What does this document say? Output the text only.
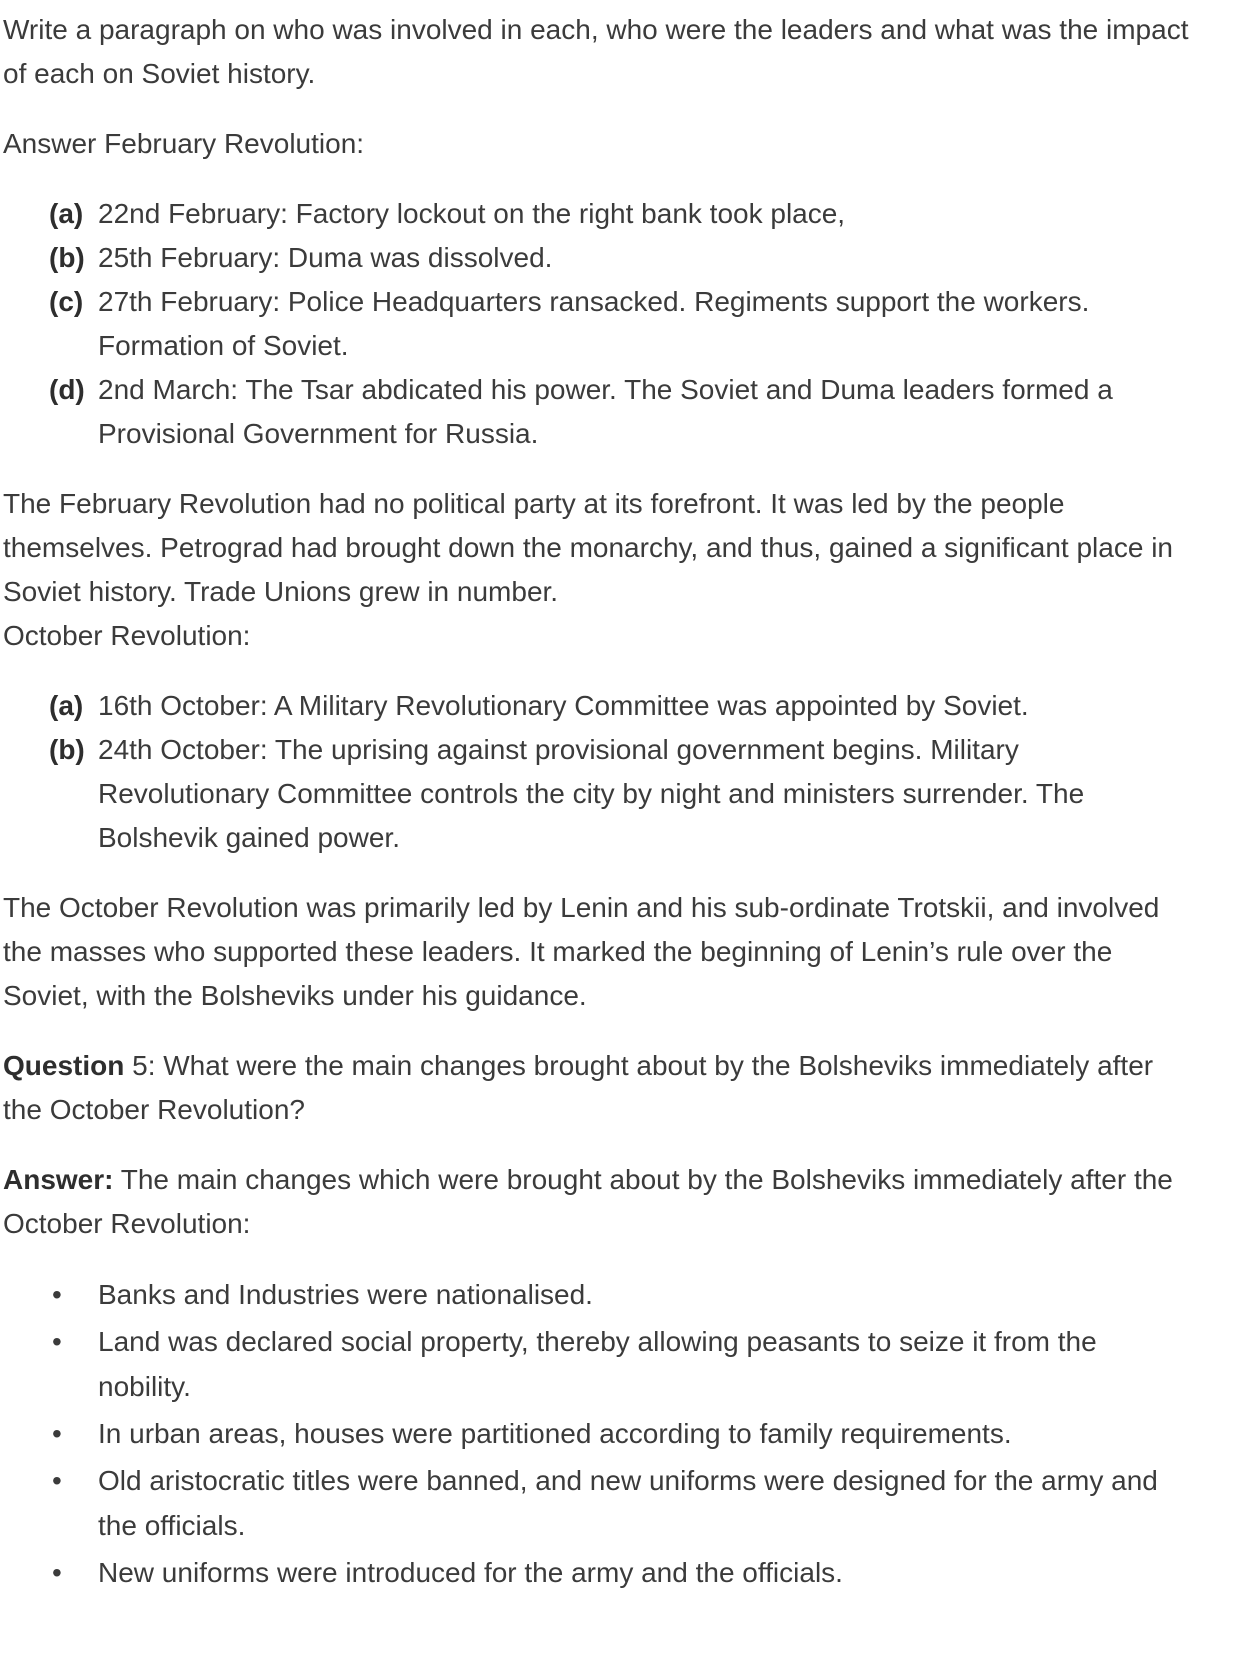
Write a paragraph on who was involved in each, who were the leaders and what was the impact of each on Soviet history.
Answer February Revolution:
(a) 22nd February: Factory lockout on the right bank took place,
(b) 25th February: Duma was dissolved.
(c) 27th February: Police Headquarters ransacked. Regiments support the workers. Formation of Soviet.
(d) 2nd March: The Tsar abdicated his power. The Soviet and Duma leaders formed a Provisional Government for Russia.
The February Revolution had no political party at its forefront. It was led by the people themselves. Petrograd had brought down the monarchy, and thus, gained a significant place in Soviet history. Trade Unions grew in number.
October Revolution:
(a) 16th October: A Military Revolutionary Committee was appointed by Soviet.
(b) 24th October: The uprising against provisional government begins. Military Revolutionary Committee controls the city by night and ministers surrender. The Bolshevik gained power.
The October Revolution was primarily led by Lenin and his sub-ordinate Trotskii, and involved the masses who supported these leaders. It marked the beginning of Lenin’s rule over the Soviet, with the Bolsheviks under his guidance.
Question 5: What were the main changes brought about by the Bolsheviks immediately after the October Revolution?
Answer: The main changes which were brought about by the Bolsheviks immediately after the October Revolution:
• Banks and Industries were nationalised.
• Land was declared social property, thereby allowing peasants to seize it from the nobility.
• In urban areas, houses were partitioned according to family requirements.
• Old aristocratic titles were banned, and new uniforms were designed for the army and the officials.
• New uniforms were introduced for the army and the officials.
